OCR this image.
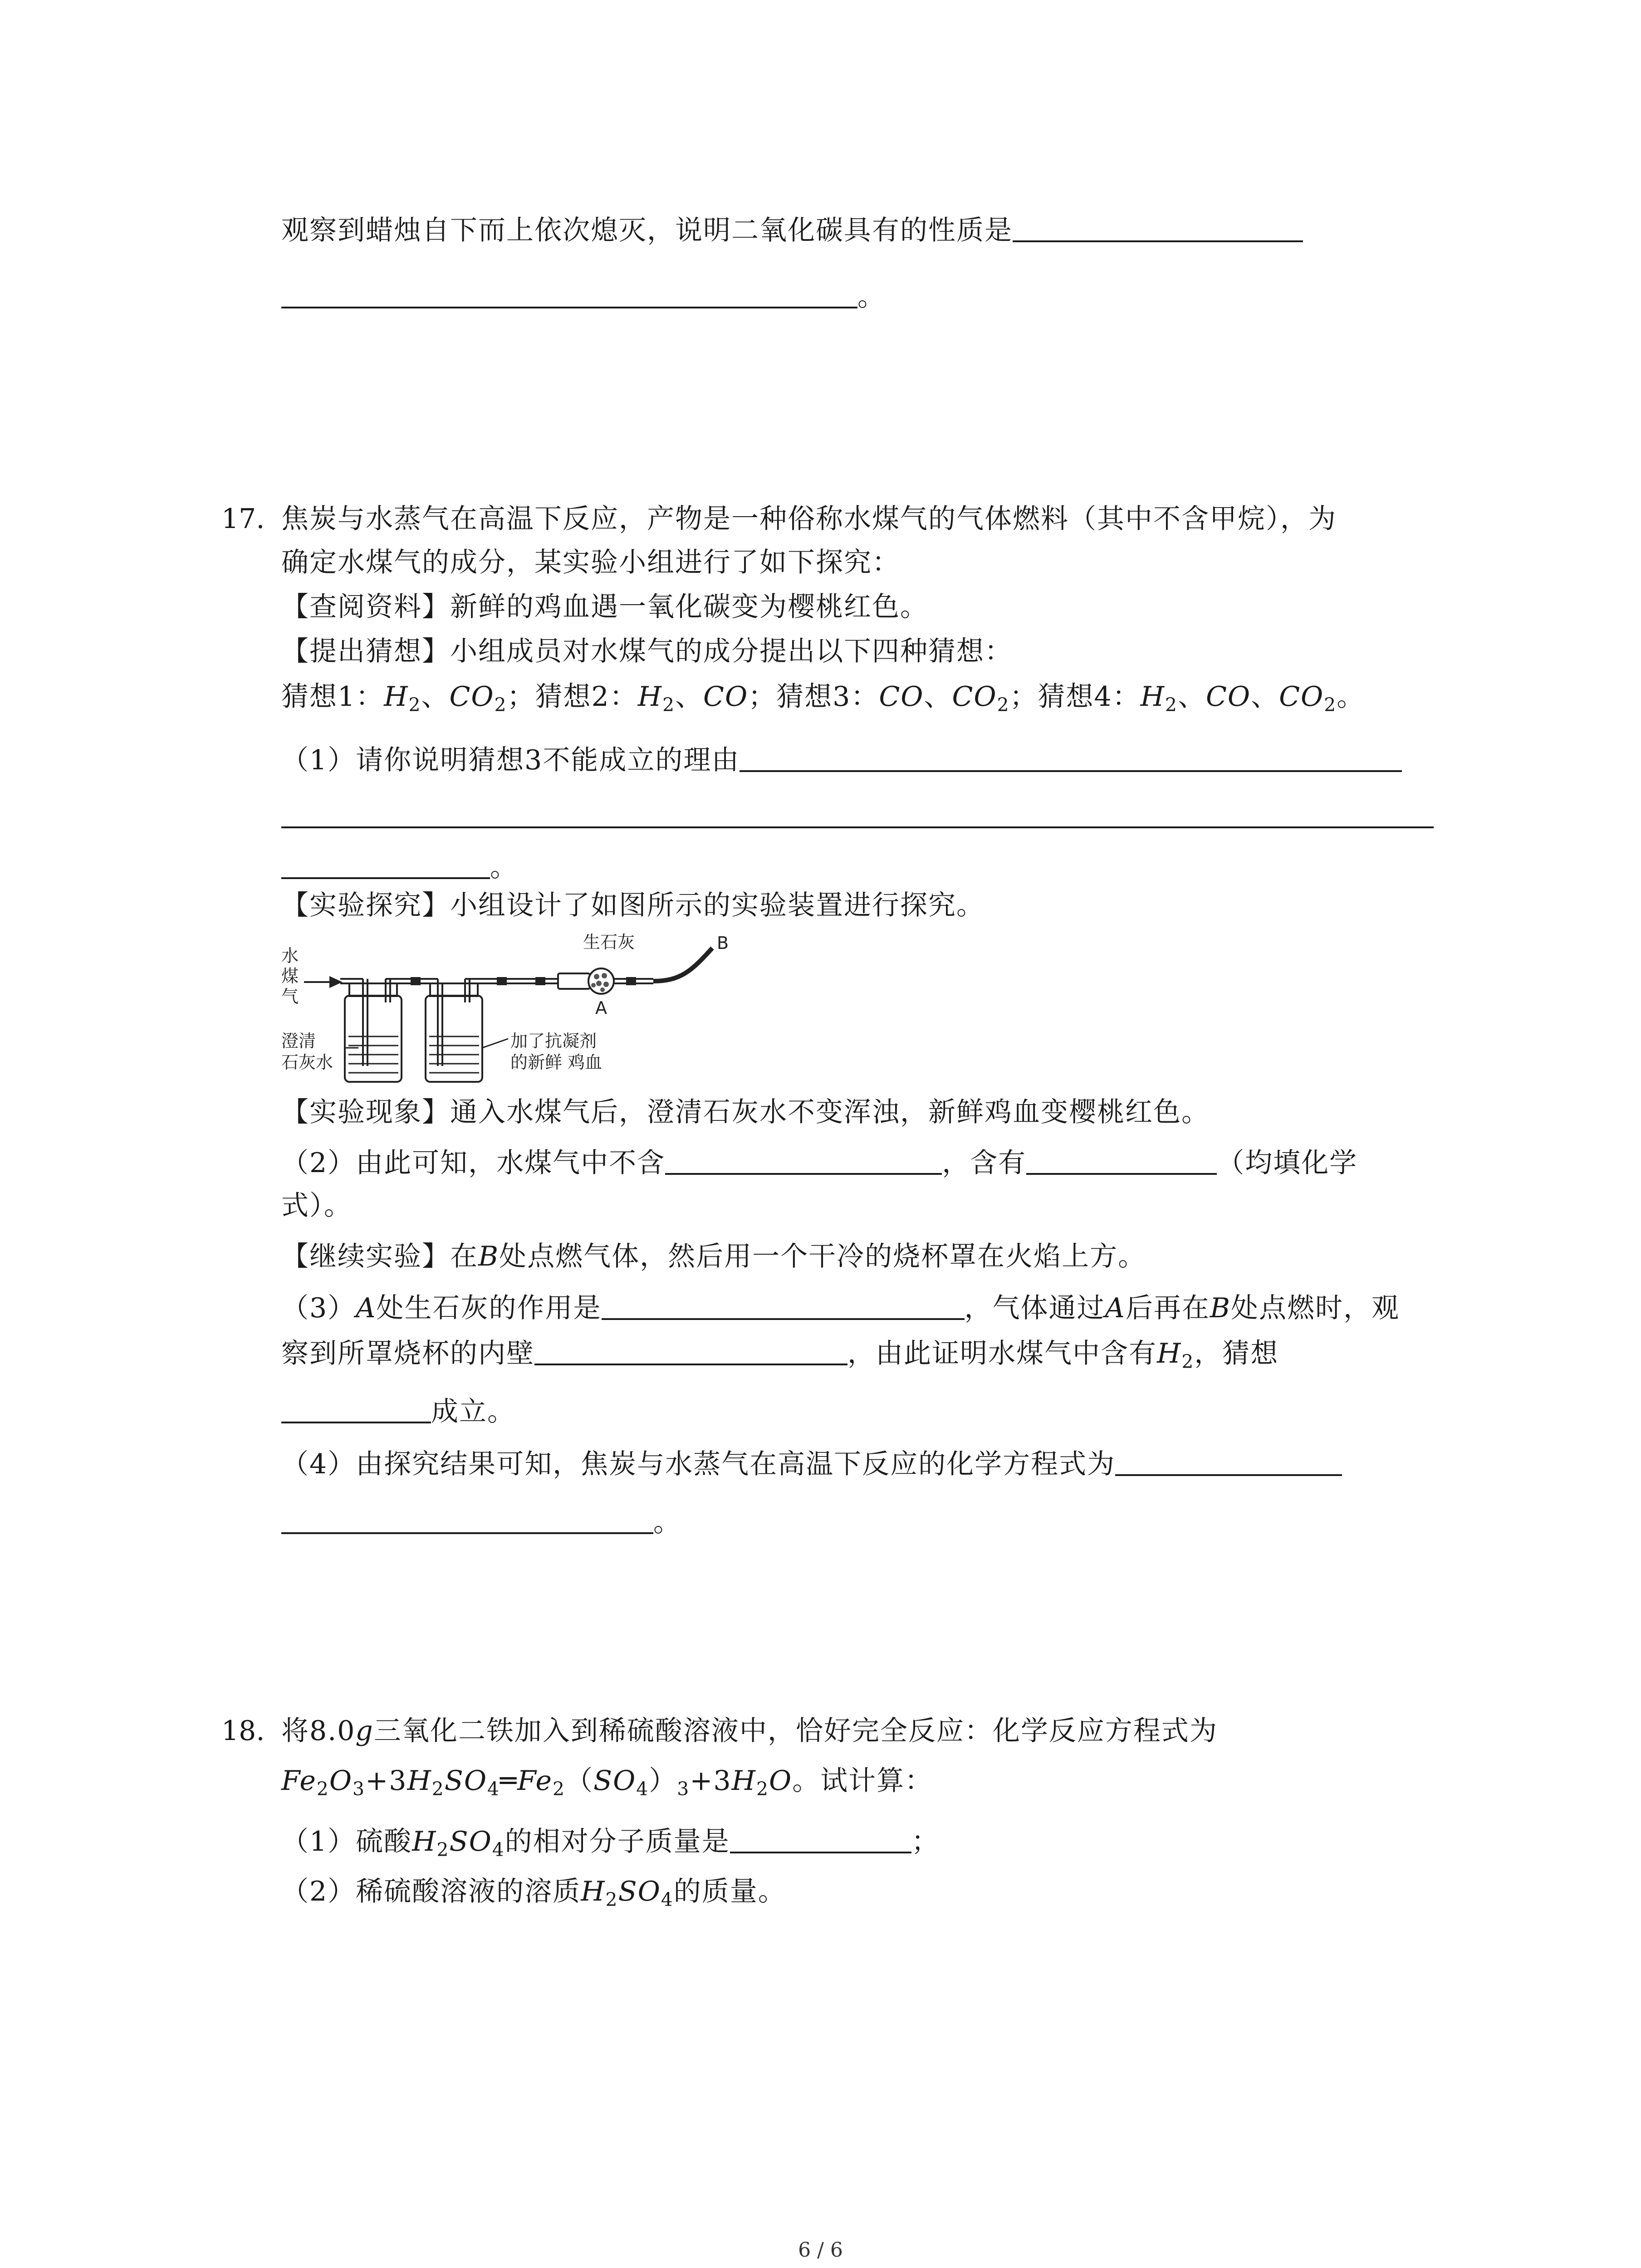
观察到蜡烛自下而上依次熄灭，说明二氧化碳具有的性质是
。
17. 焦炭与水蒸气在高温下反应，产物是一种俗称水煤气的气体燃料（其中不含甲烷），为
确定水煤气的成分，某实验小组进行了如下探究：
【查阅资料】新鲜的鸡血遇一氧化碳变为樱桃红色。
【提出猜想】小组成员对水煤气的成分提出以下四种猜想：
猜想1：$H_2$、$CO_2$；猜想2：$H_2$、CO；猜想3：CO、$CO_2$；猜想4：$H_2$、CO、$CO_2$。
（1）请你说明猜想3不能成立的理由
。
【实验探究】小组设计了如图所示的实验装置进行探究。
水
煤
气
生石灰	B
A
澄清
石灰水
加了抗凝剂
的新鲜 鸡血
【实验现象】通入水煤气后，澄清石灰水不变浑浊，新鲜鸡血变樱桃红色。
（2）由此可知，水煤气中不含	，含有	（均填化学
式）。
【继续实验】在B处点燃气体，然后用一个干冷的烧杯罩在火焰上方。
（3）A处生石灰的作用是	，气体通过A后再在B处点燃时，观
察到所罩烧杯的内壁	，由此证明水煤气中含有$H_2$，猜想
成立。
（4）由探究结果可知，焦炭与水蒸气在高温下反应的化学方程式为
。
18. 将8.0g三氧化二铁加入到稀硫酸溶液中，恰好完全反应：化学反应方程式为
$Fe_2O_3+3H_2SO_4═Fe_2(SO_4)_3+3H_2O$。试计算：
（1）硫酸$H_2SO_4$的相对分子质量是	；
（2）稀硫酸溶液的溶质$H_2SO_4$的质量。
6 / 6
